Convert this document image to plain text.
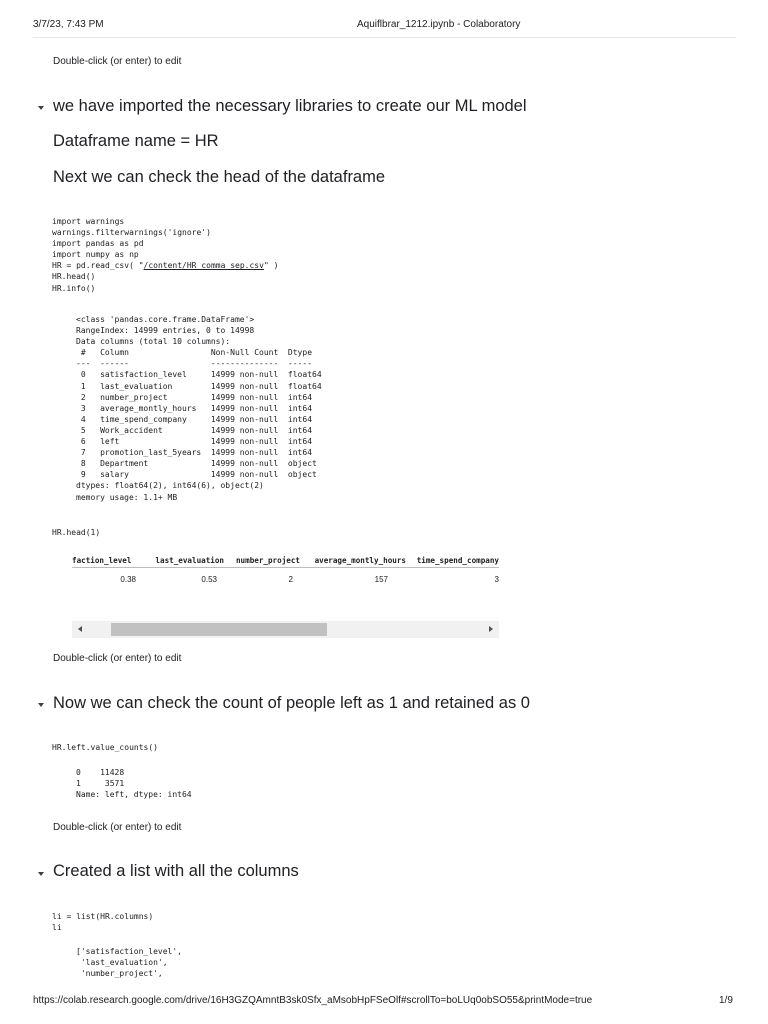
3/7/23, 7:43 PM	Aquiflbrar_1212.ipynb - Colaboratory
Double-click (or enter) to edit
we have imported the necessary libraries to create our ML model
Dataframe name = HR
Next we can check the head of the dataframe
import warnings
warnings.filterwarnings('ignore')
import pandas as pd
import numpy as np
HR = pd.read_csv( "/content/HR_comma_sep.csv" )
HR.head()
HR.info()
<class 'pandas.core.frame.DataFrame'>
RangeIndex: 14999 entries, 0 to 14998
Data columns (total 10 columns):
#   Column                 Non-Null Count  Dtype
---  ------                 --------------  -----
0   satisfaction_level     14999 non-null  float64
1   last_evaluation        14999 non-null  float64
2   number_project         14999 non-null  int64
3   average_montly_hours   14999 non-null  int64
4   time_spend_company     14999 non-null  int64
5   Work_accident          14999 non-null  int64
6   left                   14999 non-null  int64
7   promotion_last_5years  14999 non-null  int64
8   Department             14999 non-null  object
9   salary                 14999 non-null  object
dtypes: float64(2), int64(6), object(2)
memory usage: 1.1+ MB
HR.head(1)
faction_level	last_evaluation	number_project	average_montly_hours	time_spend_company

0.38	0.53	2	157	3
Double-click (or enter) to edit
Now we can check the count of people left as 1 and retained as 0
HR.left.value_counts()
0    11428
1     3571
Name: left, dtype: int64
Double-click (or enter) to edit
Created a list with all the columns
li = list(HR.columns)
li
['satisfaction_level',
'last_evaluation',
'number_project',
https://colab.research.google.com/drive/16H3GZQAmntB3sk0Sfx_aMsobHpFSeOlf#scrollTo=boLUq0obSO55&printMode=true	1/9
